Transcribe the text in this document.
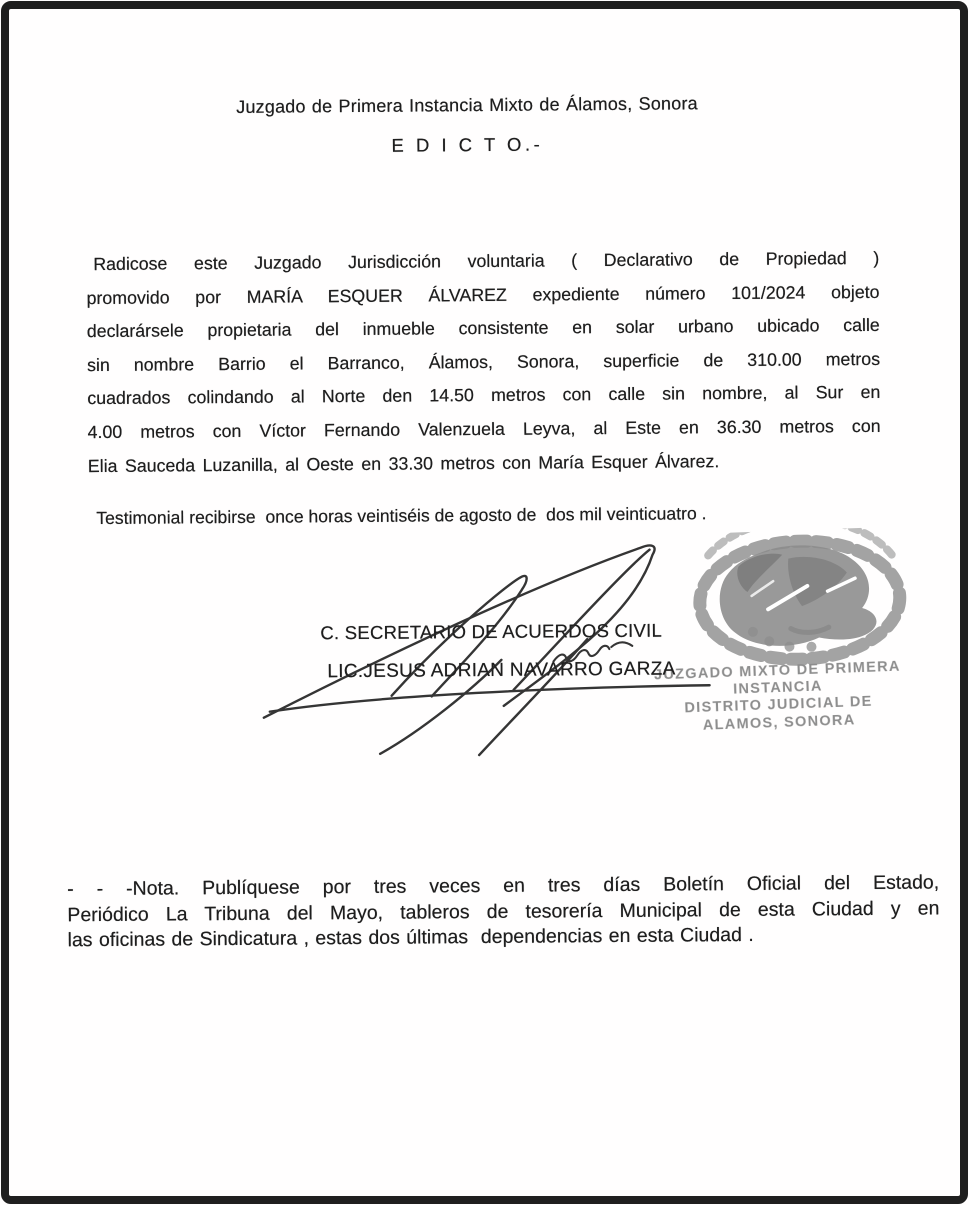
Juzgado de Primera Instancia Mixto de Álamos, Sonora
E D I C T O.-
Radicose este Juzgado Jurisdicción voluntaria ( Declarativo de Propiedad )
promovido por MARÍA ESQUER ÁLVAREZ expediente número 101/2024 objeto
declarársele propietaria del inmueble consistente en solar urbano ubicado calle
sin nombre Barrio el Barranco, Álamos, Sonora, superficie de 310.00 metros
cuadrados colindando al Norte den 14.50 metros con calle sin nombre, al Sur en
4.00 metros con Víctor Fernando Valenzuela Leyva, al Este en 36.30 metros con
Elia Sauceda Luzanilla, al Oeste en 33.30 metros con María Esquer Álvarez.
Testimonial recibirse  once horas veintiséis de agosto de  dos mil veinticuatro .
JUZGADO MIXTO DE PRIMERA
INSTANCIA
DISTRITO JUDICIAL DE
ALAMOS, SONORA
C. SECRETARIO DE ACUERDOS CIVIL
LIC.JESUS ADRIAN NAVARRO GARZA
- - -Nota. Publíquese por tres veces en tres días Boletín Oficial del Estado,
Periódico La Tribuna del Mayo, tableros de tesorería Municipal de esta Ciudad y en
las oficinas de Sindicatura , estas dos últimas  dependencias en esta Ciudad .
